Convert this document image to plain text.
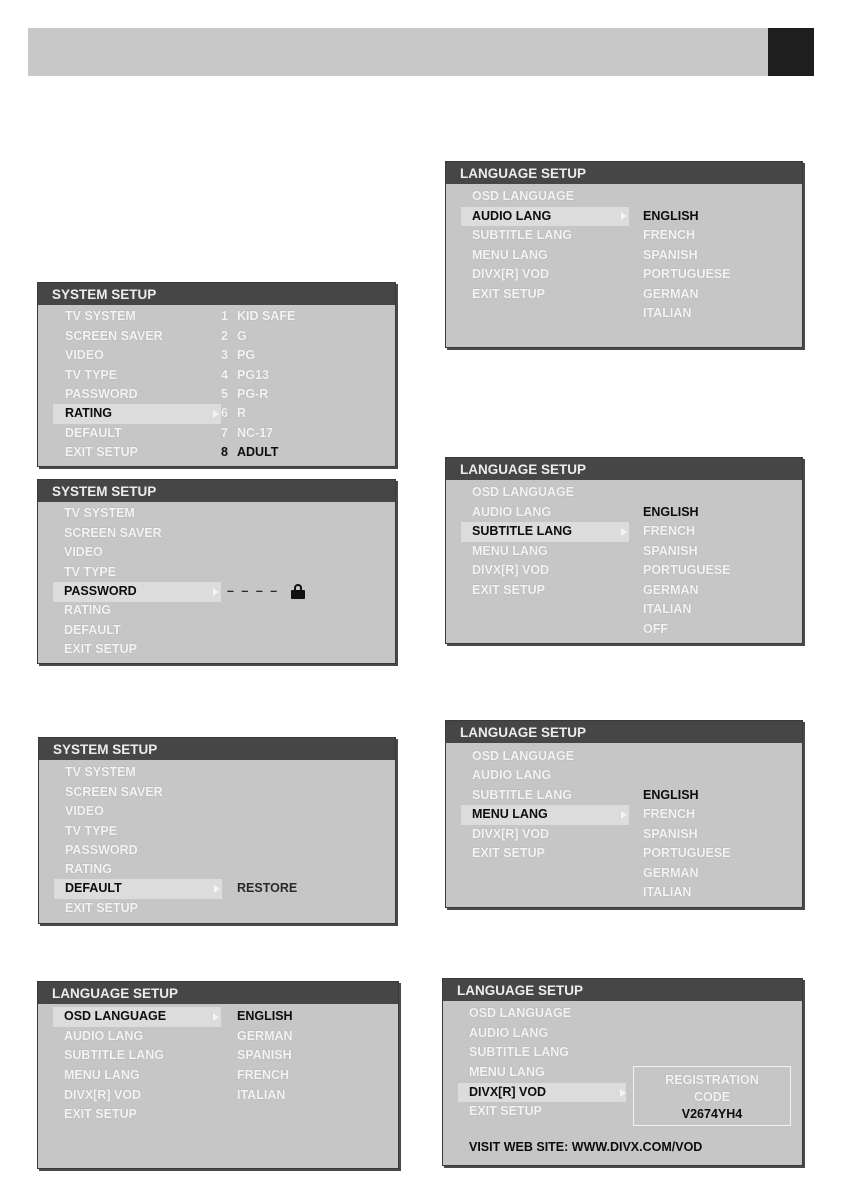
SYSTEM SETUP
TV SYSTEM
SCREEN SAVER
VIDEO
TV TYPE
PASSWORD
RATING
DEFAULT
EXIT SETUP
1 KID SAFE
2 G
3 PG
4 PG13
5 PG-R
6 R
7 NC-17
8 ADULT
SYSTEM SETUP
TV SYSTEM
SCREEN SAVER
VIDEO
TV TYPE
PASSWORD
RATING
DEFAULT
EXIT SETUP
– – – –
SYSTEM SETUP
TV SYSTEM
SCREEN SAVER
VIDEO
TV TYPE
PASSWORD
RATING
DEFAULT
EXIT SETUP
RESTORE
LANGUAGE SETUP
OSD LANGUAGE
AUDIO LANG
SUBTITLE LANG
MENU LANG
DIVX[R] VOD
EXIT SETUP
ENGLISH
GERMAN
SPANISH
FRENCH
ITALIAN
LANGUAGE SETUP
OSD LANGUAGE
AUDIO LANG
SUBTITLE LANG
MENU LANG
DIVX[R] VOD
EXIT SETUP
ENGLISH
FRENCH
SPANISH
PORTUGUESE
GERMAN
ITALIAN
LANGUAGE SETUP
OSD LANGUAGE
AUDIO LANG
SUBTITLE LANG
MENU LANG
DIVX[R] VOD
EXIT SETUP
ENGLISH
FRENCH
SPANISH
PORTUGUESE
GERMAN
ITALIAN
OFF
LANGUAGE SETUP
OSD LANGUAGE
AUDIO LANG
SUBTITLE LANG
MENU LANG
DIVX[R] VOD
EXIT SETUP
ENGLISH
FRENCH
SPANISH
PORTUGUESE
GERMAN
ITALIAN
LANGUAGE SETUP
OSD LANGUAGE
AUDIO LANG
SUBTITLE LANG
MENU LANG
DIVX[R] VOD
EXIT SETUP
REGISTRATION
CODE
V2674YH4
VISIT WEB SITE: WWW.DIVX.COM/VOD
